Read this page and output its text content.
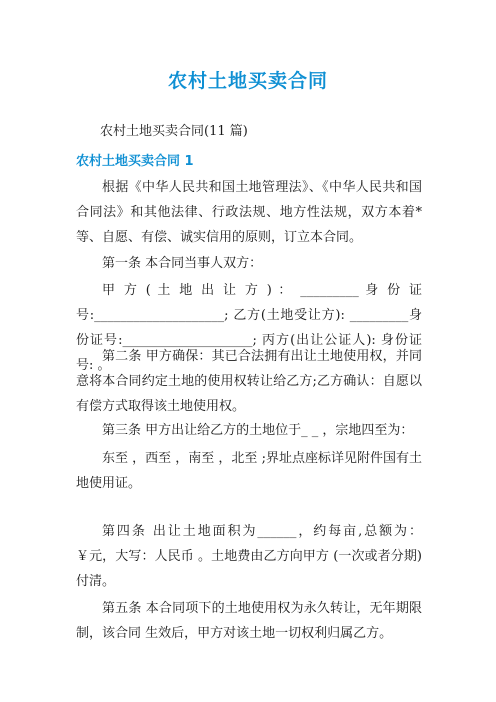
农村土地买卖合同
农村土地买卖合同(11 篇)
农村土地买卖合同 1
根据《中华人民共和国土地管理法》、《中华人民共和国合同法》和其他法律、行政法规、地方性法规，双方本着*等、自愿、有偿、诚实信用的原则，订立本合同。
第一条 本合同当事人双方：
甲 方 ( 土 地 出 让 方 ) ： _________ 身 份 证 号:____________________; 乙方(土地受让方): _________身份证号:____________________; 丙方(出让公证人): 身份证号: 。
第二条 甲方确保：其已合法拥有出让土地使用权，并同意将本合同约定土地的使用权转让给乙方;乙方确认：自愿以有偿方式取得该土地使用权。
第三条 甲方出让给乙方的土地位于_ _ ，宗地四至为：
东至 ，西至 ，南至 ，北至 ;界址点座标详见附件国有土地使用证。
第四条 出让土地面积为______，约每亩,总额为：￥元，大写：人民币 。土地费由乙方向甲方 (一次或者分期)付清。
第五条 本合同项下的土地使用权为永久转让，无年期限制，该合同 生效后，甲方对该土地一切权利归属乙方。
